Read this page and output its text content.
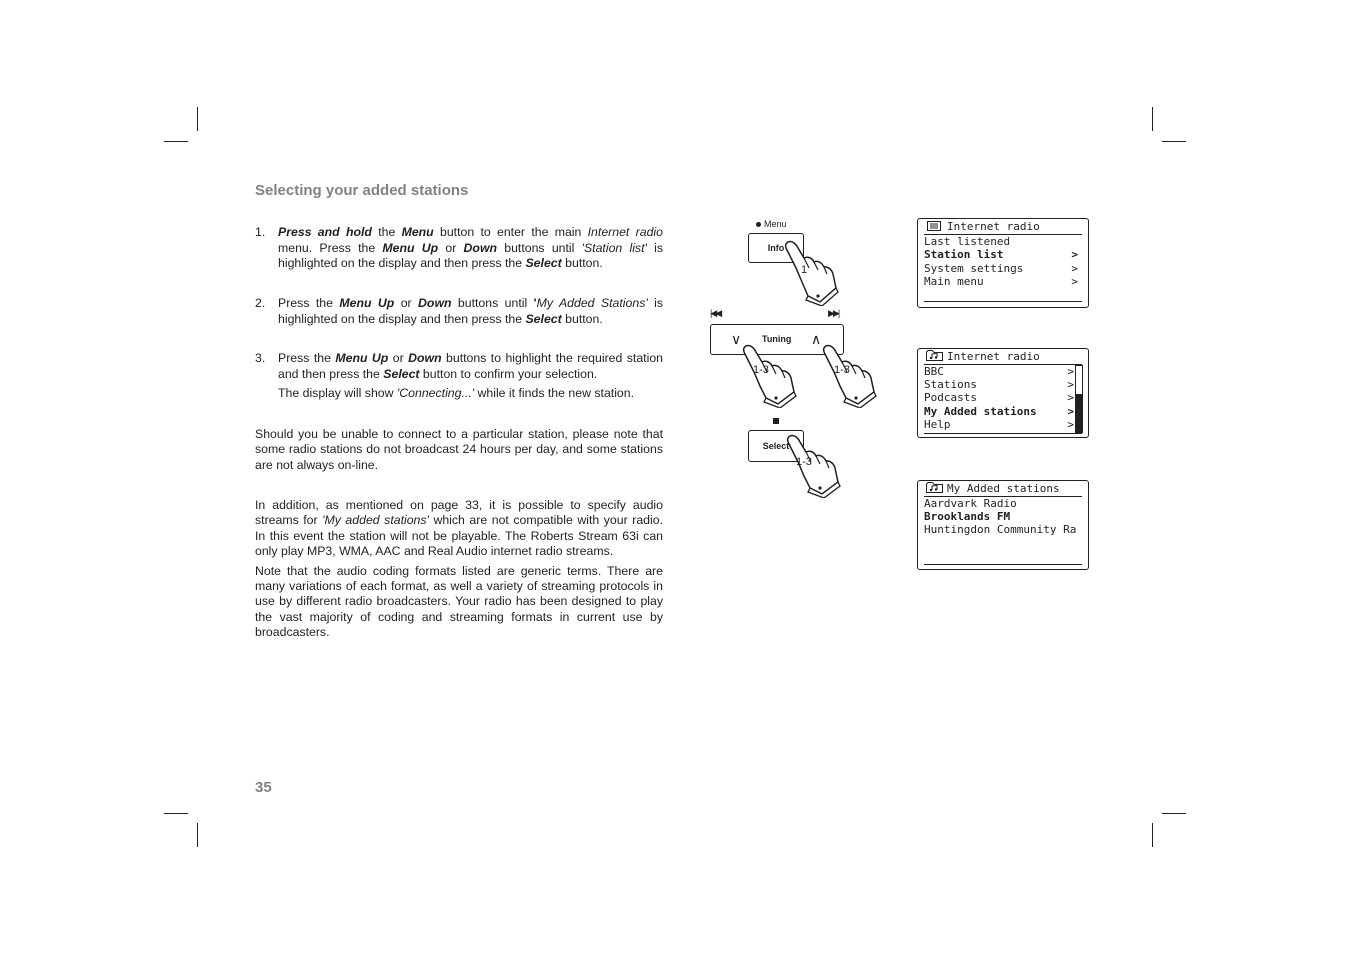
Selecting your added stations
1. Press and hold the Menu button to enter the main Internet radio menu. Press the Menu Up or Down buttons until 'Station list' is highlighted on the display and then press the Select button.

2. Press the Menu Up or Down buttons until 'My Added Stations' is highlighted on the display and then press the Select button.

3. Press the Menu Up or Down buttons to highlight the required station and then press the Select button to confirm your selection.

The display will show 'Connecting...' while it finds the new station.

Should you be unable to connect to a particular station, please note that some radio stations do not broadcast 24 hours per day, and some stations are not always on-line.

In addition, as mentioned on page 33, it is possible to specify audio streams for 'My added stations' which are not compatible with your radio. In this event the station will not be playable. The Roberts Stream 63i can only play MP3, WMA, AAC and Real Audio internet radio streams.

Note that the audio coding formats listed are generic terms. There are many variations of each format, as well a variety of streaming protocols in use by different radio broadcasters. Your radio has been designed to play the vast majority of coding and streaming formats in current use by broadcasters.

35
Menu
Info
1
|◀◀	▶▶|
∨	∧
Tuning
1-3	1-3
Select
1-3
Internet radio
Last listened
Station list	>
System settings	>
Main menu	>
Internet radio
BBC	>
Stations	>
Podcasts	>
My Added stations	>
Help	>
My Added stations
Aardvark Radio
Brooklands FM
Huntingdon Community Ra
